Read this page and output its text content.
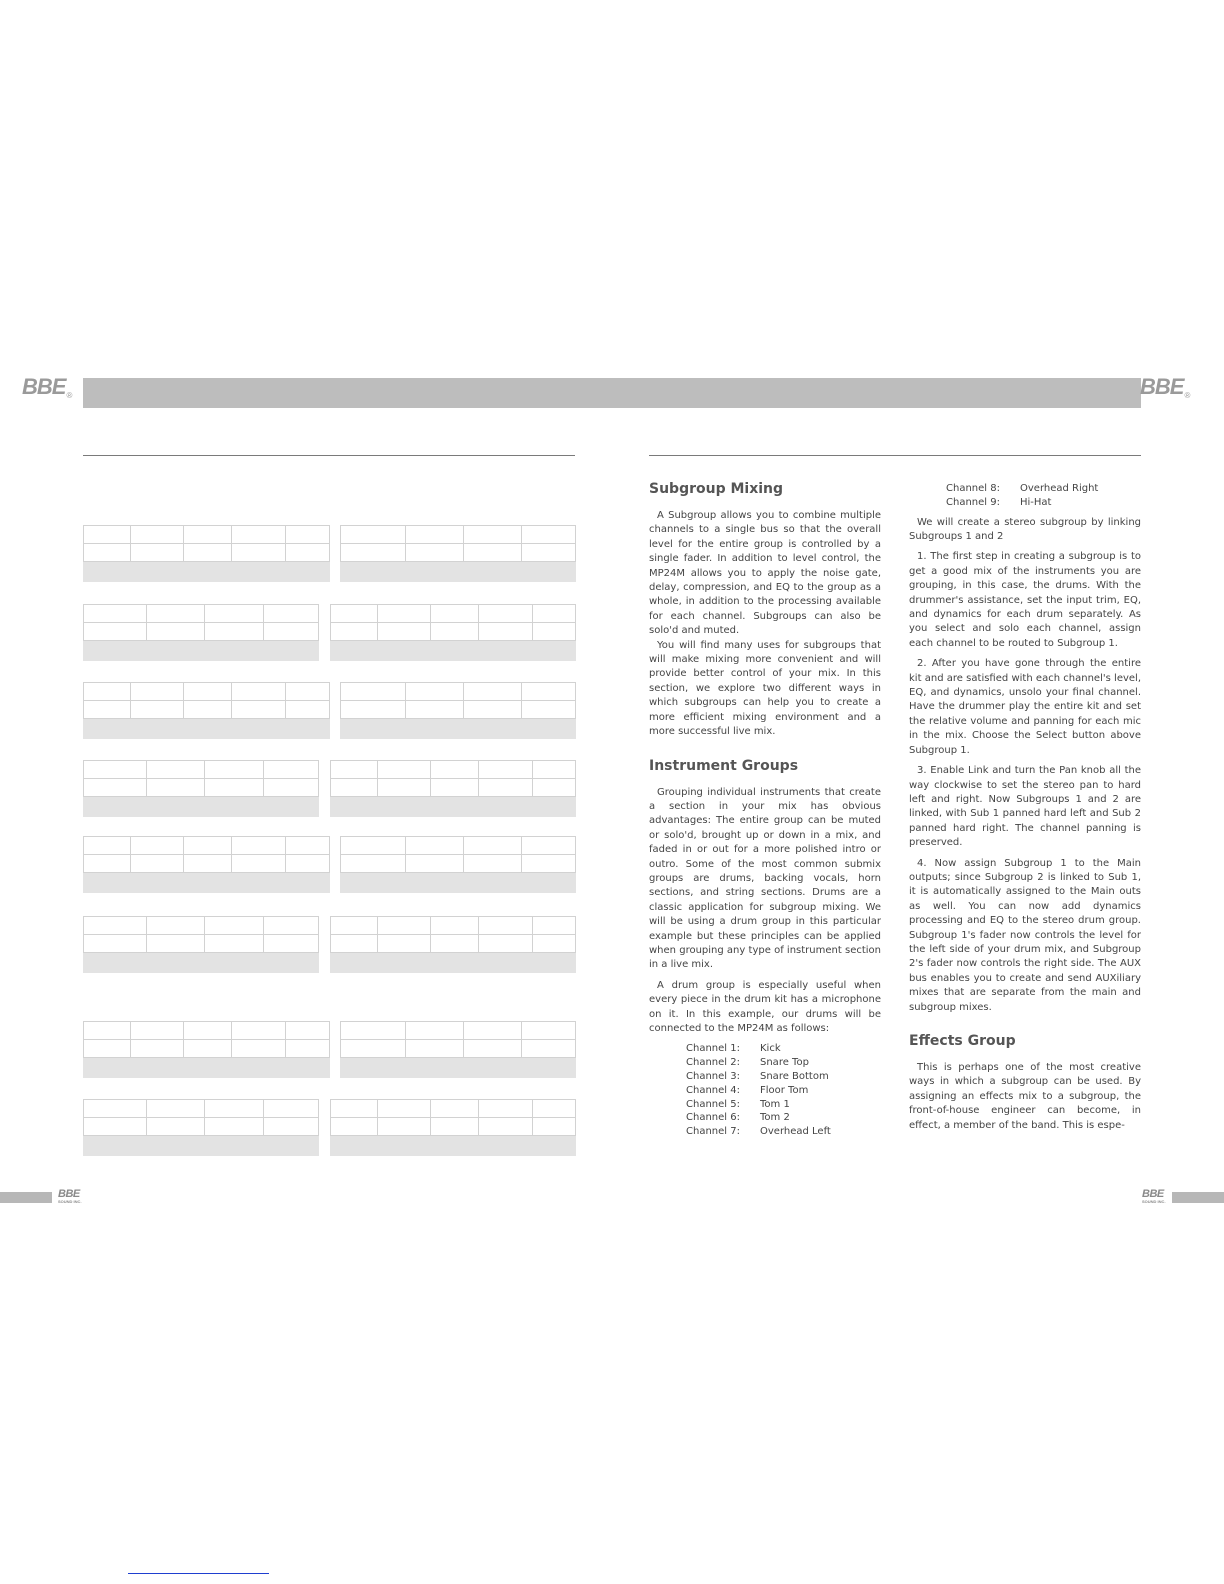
BBE®	BBE®

Subgroup Mixing

A Subgroup allows you to combine multiple channels to a single bus so that the overall level for the entire group is controlled by a single fader. In addition to level control, the MP24M allows you to apply the noise gate, delay, compression, and EQ to the group as a whole, in addition to the processing available for each channel. Subgroups can also be solo'd and muted.

You will find many uses for subgroups that will make mixing more convenient and will provide better control of your mix. In this section, we explore two different ways in which subgroups can help you to create a more efficient mixing environment and a more successful live mix.

Instrument Groups

Grouping individual instruments that create a section in your mix has obvious advantages: The entire group can be muted or solo'd, brought up or down in a mix, and faded in or out for a more polished intro or outro. Some of the most common submix groups are drums, backing vocals, horn sections, and string sections. Drums are a classic application for subgroup mixing. We will be using a drum group in this particular example but these principles can be applied when grouping any type of instrument section in a live mix.

A drum group is especially useful when every piece in the drum kit has a microphone on it. In this example, our drums will be connected to the MP24M as follows:

Channel 1:	Kick
Channel 2:	Snare Top
Channel 3:	Snare Bottom
Channel 4:	Floor Tom
Channel 5:	Tom 1
Channel 6:	Tom 2
Channel 7:	Overhead Left
Channel 8:	Overhead Right
Channel 9:	Hi-Hat

We will create a stereo subgroup by linking Subgroups 1 and 2

1. The first step in creating a subgroup is to get a good mix of the instruments you are grouping, in this case, the drums. With the drummer's assistance, set the input trim, EQ, and dynamics for each drum separately. As you select and solo each channel, assign each channel to be routed to Subgroup 1.

2. After you have gone through the entire kit and are satisfied with each channel's level, EQ, and dynamics, unsolo your final channel. Have the drummer play the entire kit and set the relative volume and panning for each mic in the mix. Choose the Select button above Subgroup 1.

3. Enable Link and turn the Pan knob all the way clockwise to set the stereo pan to hard left and right. Now Subgroups 1 and 2 are linked, with Sub 1 panned hard left and Sub 2 panned hard right. The channel panning is preserved.

4. Now assign Subgroup 1 to the Main outputs; since Subgroup 2 is linked to Sub 1, it is automatically assigned to the Main outs as well. You can now add dynamics processing and EQ to the stereo drum group. Subgroup 1's fader now controls the level for the left side of your drum mix, and Subgroup 2's fader now controls the right side. The AUX bus enables you to create and send AUXiliary mixes that are separate from the main and subgroup mixes.

Effects Group

This is perhaps one of the most creative ways in which a subgroup can be used. By assigning an effects mix to a subgroup, the front-of-house engineer can become, in effect, a member of the band. This is espe-

BBE
SOUND INC.
BBE
SOUND INC.
